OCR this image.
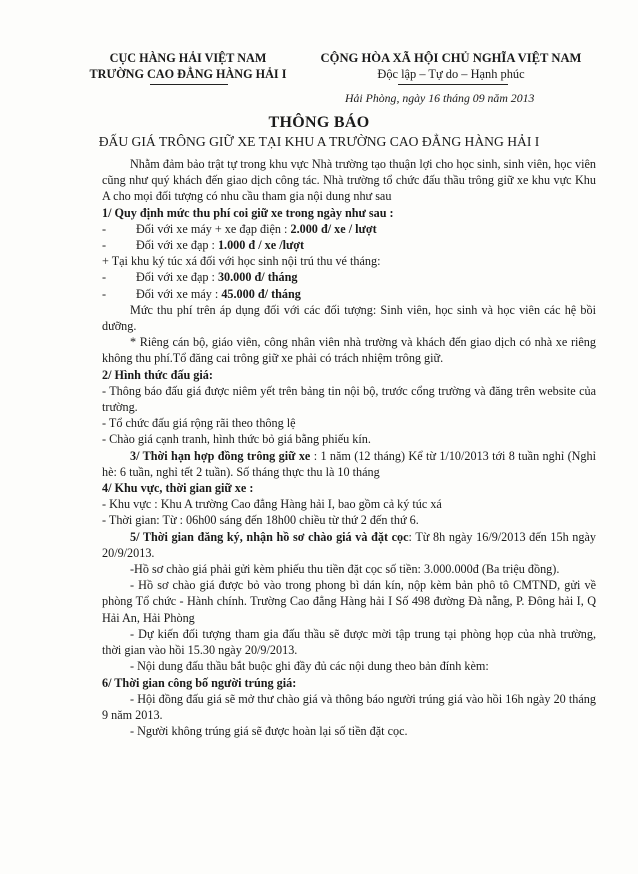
CỤC HÀNG HẢI VIỆT NAM
TRƯỜNG CAO ĐẲNG HÀNG HẢI I
CỘNG HÒA XÃ HỘI CHỦ NGHĨA VIỆT NAM
Độc lập – Tự do – Hạnh phúc
Hải Phòng, ngày 16 tháng 09 năm 2013
THÔNG BÁO
ĐẤU GIÁ TRÔNG GIỮ XE TẠI KHU A TRƯỜNG CAO ĐẲNG HÀNG HẢI I

Nhằm đảm bảo trật tự trong khu vực Nhà trường tạo thuận lợi cho học sinh, sinh viên, học viên cũng như quý khách đến giao dịch công tác. Nhà trường tổ chức đấu thầu trông giữ xe khu vực Khu A cho mọi đối tượng có nhu cầu tham gia nội dung như sau

1/ Quy định mức thu phí coi giữ xe trong ngày như sau :

- Đối với xe máy + xe đạp điện : 2.000 đ/ xe / lượt

- Đối với xe đạp : 1.000 đ / xe /lượt

+ Tại khu ký túc xá đối với học sinh nội trú thu vé tháng:

- Đối với xe đạp : 30.000 đ/ tháng

- Đối với xe máy : 45.000 đ/ tháng

Mức thu phí trên áp dụng đối với các đối tượng: Sinh viên, học sinh và học viên các hệ bồi dưỡng.

* Riêng cán bộ, giáo viên, công nhân viên nhà trường và khách đến giao dịch có nhà xe riêng không thu phí.Tổ đăng cai trông giữ xe phải có trách nhiệm trông giữ.

2/ Hình thức đấu giá:

- Thông báo đấu giá được niêm yết trên bảng tin nội bộ, trước cổng trường và đăng trên website của trường.

- Tổ chức đấu giá rộng rãi theo thông lệ

- Chào giá cạnh tranh, hình thức bỏ giá bằng phiếu kín.

3/ Thời hạn hợp đồng trông giữ xe : 1 năm (12 tháng) Kể từ 1/10/2013 tới 8 tuần nghỉ (Nghỉ hè: 6 tuần, nghỉ tết 2 tuần). Số tháng thực thu là 10 tháng

4/ Khu vực, thời gian giữ xe :

- Khu vực : Khu A trường Cao đẳng Hàng hải I, bao gồm cả ký túc xá

- Thời gian: Từ : 06h00 sáng đến 18h00 chiều từ thứ 2 đến thứ 6.

5/ Thời gian đăng ký, nhận hồ sơ chào giá và đặt cọc: Từ 8h ngày 16/9/2013 đến 15h ngày 20/9/2013.

-Hồ sơ chào giá phải gửi kèm phiếu thu tiền đặt cọc số tiền: 3.000.000đ (Ba triệu đồng).

- Hồ sơ chào giá được bỏ vào trong phong bì dán kín, nộp kèm bản phô tô CMTND, gửi về phòng Tổ chức - Hành chính. Trường Cao đẳng Hàng hải I Số 498 đường Đà nẵng, P. Đông hải I, Q Hải An, Hải Phòng

- Dự kiến đối tượng tham gia đấu thầu sẽ được mời tập trung tại phòng họp của nhà trường, thời gian vào hồi 15.30 ngày 20/9/2013.

- Nội dung đấu thầu bắt buộc ghi đầy đủ các nội dung theo bản đính kèm:

6/ Thời gian công bố người trúng giá:

- Hội đồng đấu giá sẽ mở thư chào giá và thông báo người trúng giá vào hồi 16h ngày 20 tháng 9 năm 2013.

- Người không trúng giá sẽ được hoàn lại số tiền đặt cọc.
